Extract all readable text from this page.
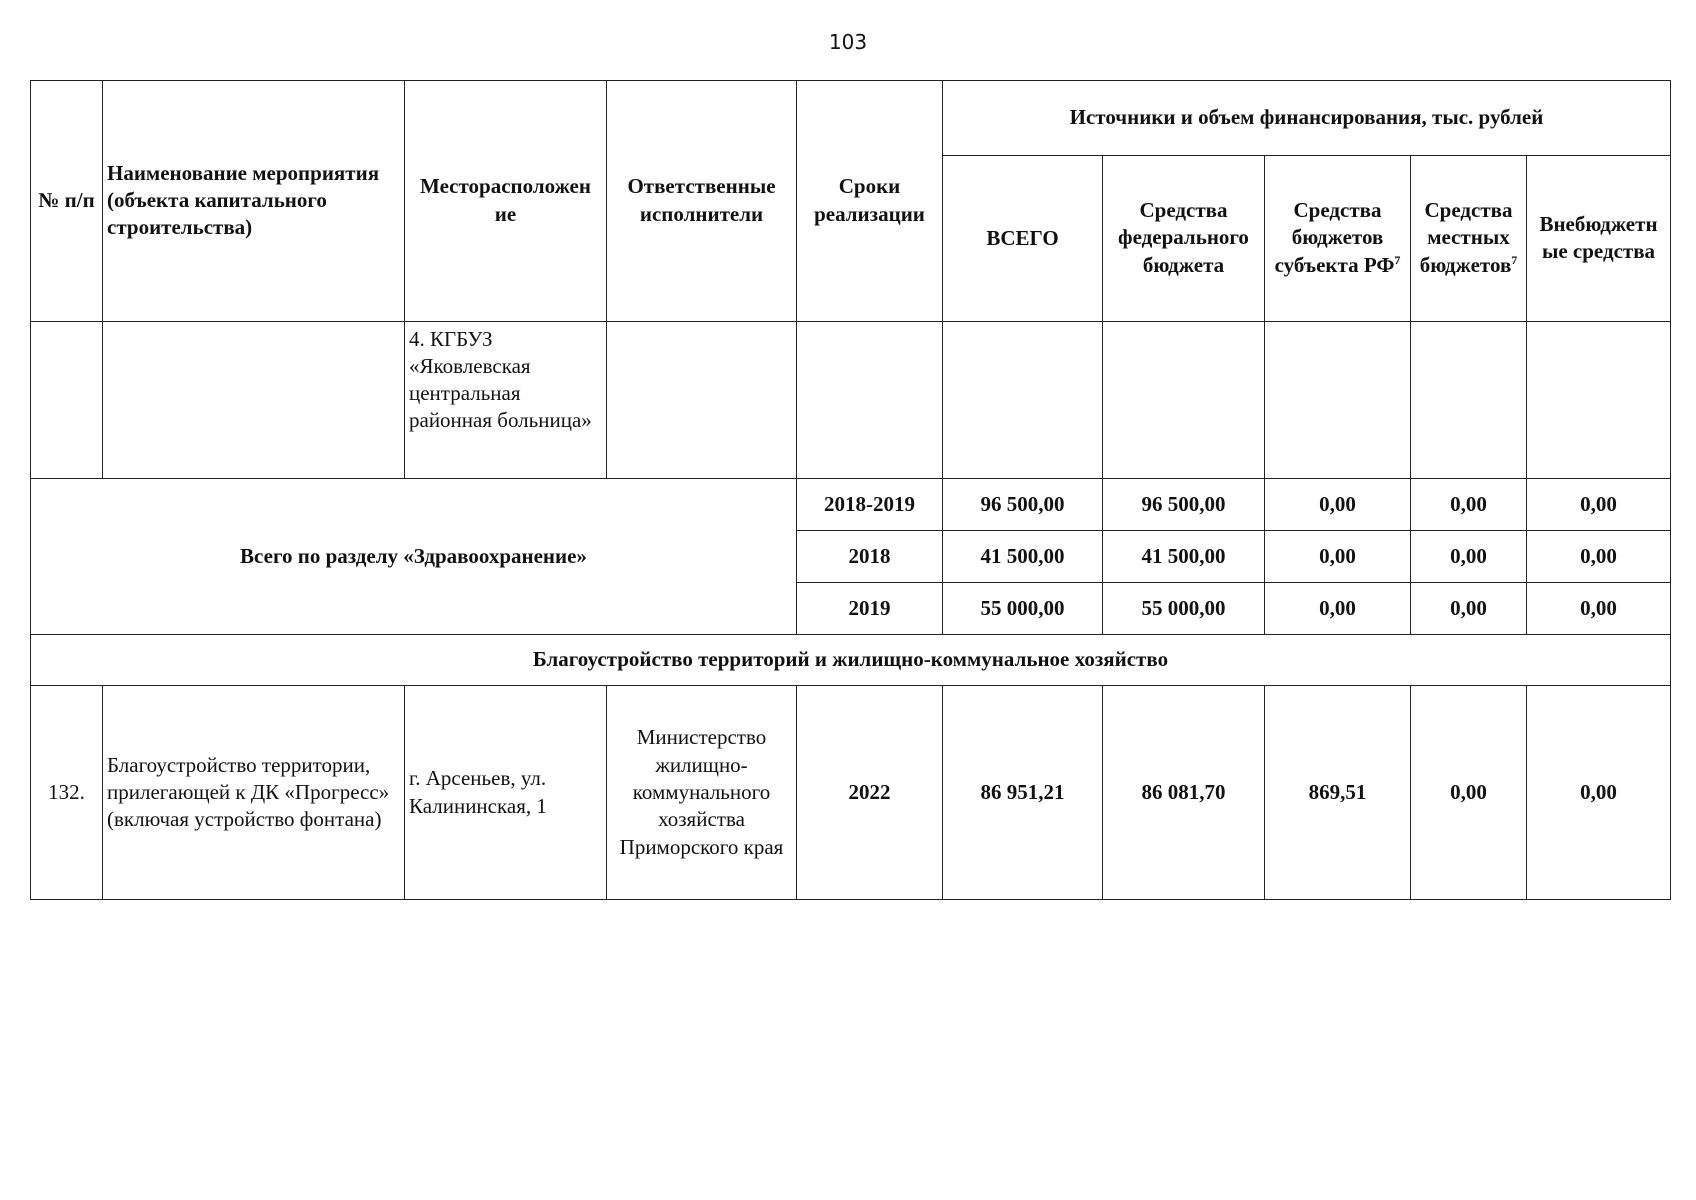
103
№ п/п	Наименование мероприятия (объекта капитального строительства)	Месторасположен ие	Ответственные исполнители	Сроки реализации	Источники и объем финансирования, тыс. рублей				
					ВСЕГО	Средства федерального бюджета	Средства бюджетов субъекта $РФ^7$	Средства местных бюджетов$^7$	Внебюджетн ые средства
		4. КГБУЗ «Яковлевская центральная районная больница»							
Всего по разделу «Здравоохранение»				2018-2019	96 500,00	96 500,00	0,00	0,00	0,00
				2018	41 500,00	41 500,00	0,00	0,00	0,00
				2019	55 000,00	55 000,00	0,00	0,00	0,00
Благоустройство территорий и жилищно-коммунальное хозяйство									
132.	Благоустройство территории, прилегающей к ДК «Прогресс» (включая устройство фонтана)	г. Арсеньев, ул. Калининская, 1	Министерство жилищно-коммунального хозяйства Приморского края	2022	86 951,21	86 081,70	869,51	0,00	0,00
